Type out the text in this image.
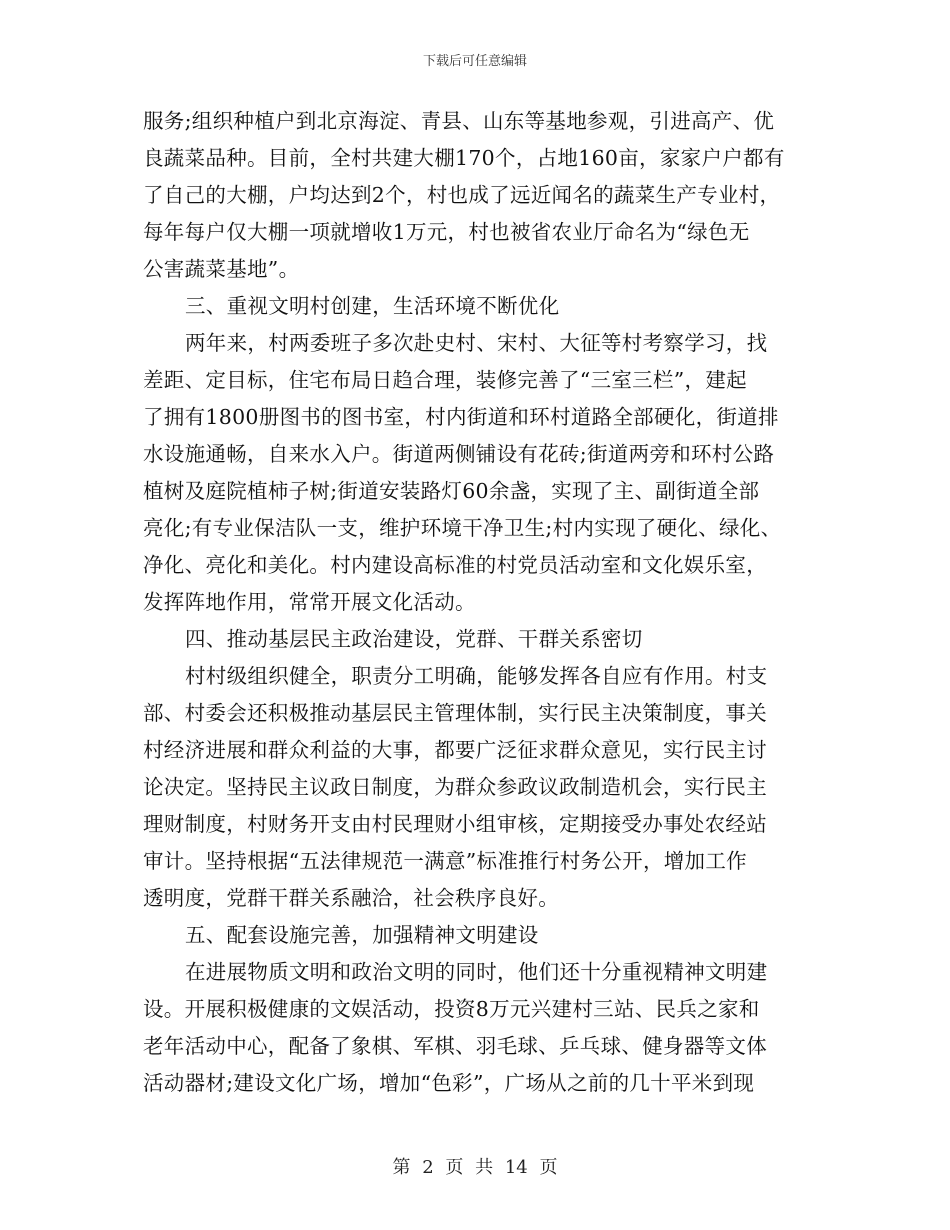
下载后可任意编辑
服务;组织种植户到北京海淀、青县、山东等基地参观，引进高产、优
良蔬菜品种。目前，全村共建大棚170个，占地160亩，家家户户都有
了自己的大棚，户均达到2个，村也成了远近闻名的蔬菜生产专业村，
每年每户仅大棚一项就增收1万元，村也被省农业厅命名为“绿色无
公害蔬菜基地”。
三、重视文明村创建，生活环境不断优化
两年来，村两委班子多次赴史村、宋村、大征等村考察学习，找
差距、定目标，住宅布局日趋合理，装修完善了“三室三栏”，建起
了拥有1800册图书的图书室，村内街道和环村道路全部硬化，街道排
水设施通畅，自来水入户。街道两侧铺设有花砖;街道两旁和环村公路
植树及庭院植柿子树;街道安装路灯60余盏，实现了主、副街道全部
亮化;有专业保洁队一支，维护环境干净卫生;村内实现了硬化、绿化、
净化、亮化和美化。村内建设高标准的村党员活动室和文化娱乐室，
发挥阵地作用，常常开展文化活动。
四、推动基层民主政治建设，党群、干群关系密切
村村级组织健全，职责分工明确，能够发挥各自应有作用。村支
部、村委会还积极推动基层民主管理体制，实行民主决策制度，事关
村经济进展和群众利益的大事，都要广泛征求群众意见，实行民主讨
论决定。坚持民主议政日制度，为群众参政议政制造机会，实行民主
理财制度，村财务开支由村民理财小组审核，定期接受办事处农经站
审计。坚持根据“五法律规范一满意”标准推行村务公开，增加工作
透明度，党群干群关系融洽，社会秩序良好。
五、配套设施完善，加强精神文明建设
在进展物质文明和政治文明的同时，他们还十分重视精神文明建
设。开展积极健康的文娱活动，投资8万元兴建村三站、民兵之家和
老年活动中心，配备了象棋、军棋、羽毛球、乒乓球、健身器等文体
活动器材;建设文化广场，增加“色彩”，广场从之前的几十平米到现
第 2 页 共 14 页
